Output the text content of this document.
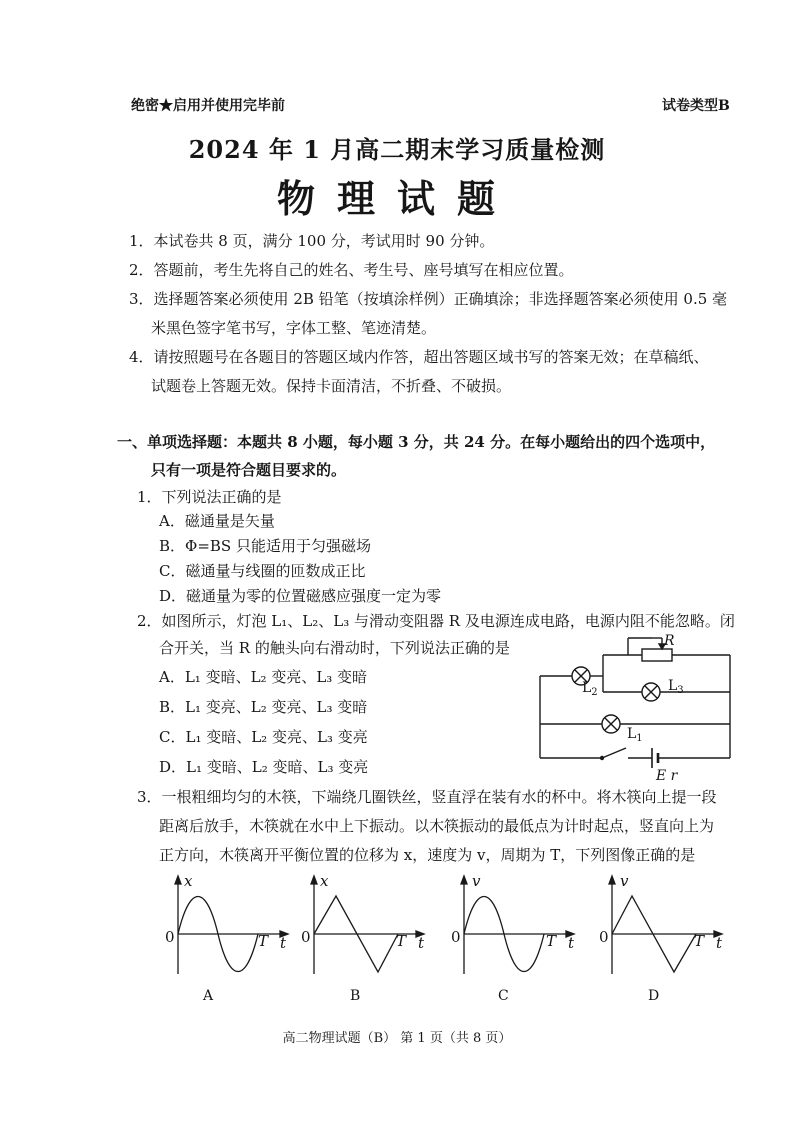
绝密★启用并使用完毕前	试卷类型B
2024 年 1 月高二期末学习质量检测
物理试题
1．本试卷共 8 页，满分 100 分，考试用时 90 分钟。
2．答题前，考生先将自己的姓名、考生号、座号填写在相应位置。
3．选择题答案必须使用 2B 铅笔（按填涂样例）正确填涂；非选择题答案必须使用 0.5 毫
米黑色签字笔书写，字体工整、笔迹清楚。
4．请按照题号在各题目的答题区域内作答，超出答题区域书写的答案无效；在草稿纸、
试题卷上答题无效。保持卡面清洁，不折叠、不破损。
一、单项选择题：本题共 8 小题，每小题 3 分，共 24 分。在每小题给出的四个选项中，
只有一项是符合题目要求的。
1．下列说法正确的是
A．磁通量是矢量
B．Φ=BS 只能适用于匀强磁场
C．磁通量与线圈的匝数成正比
D．磁通量为零的位置磁感应强度一定为零
2．如图所示，灯泡 L₁、L₂、L₃ 与滑动变阻器 R 及电源连成电路，电源内阻不能忽略。闭
合开关，当 R 的触头向右滑动时，下列说法正确的是
A．L₁ 变暗、L₂ 变亮、L₃ 变暗
B．L₁ 变亮、L₂ 变亮、L₃ 变暗
C．L₁ 变暗、L₂ 变亮、L₃ 变亮
D．L₁ 变暗、L₂ 变暗、L₃ 变亮
R
$L_2$	$L_3$
$L_1$
E r
3．一根粗细均匀的木筷，下端绕几圈铁丝，竖直浮在装有水的杯中。将木筷向上提一段
距离后放手，木筷就在水中上下振动。以木筷振动的最低点为计时起点，竖直向上为
正方向，木筷离开平衡位置的位移为 x，速度为 v，周期为 T，下列图像正确的是
x
0	T t
A
x
0	T t
B
v
0	T t
C
v
0	T t
D
高二物理试题（B） 第 1 页（共 8 页）
